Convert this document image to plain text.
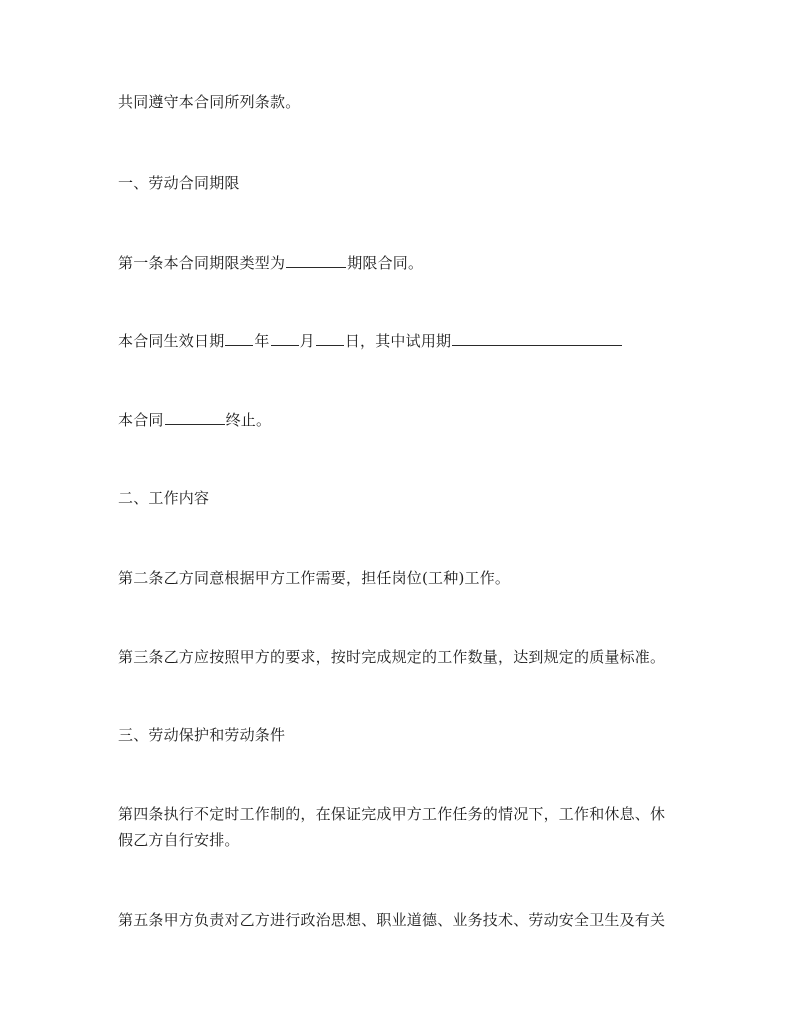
共同遵守本合同所列条款。
一、劳动合同期限
第一条本合同期限类型为	期限合同。
本合同生效日期 年 月 日，其中试用期
本合同	终止。
二、工作内容
第二条乙方同意根据甲方工作需要，担任岗位(工种)工作。
第三条乙方应按照甲方的要求，按时完成规定的工作数量，达到规定的质量标准。
三、劳动保护和劳动条件
第四条执行不定时工作制的，在保证完成甲方工作任务的情况下，工作和休息、休
假乙方自行安排。
第五条甲方负责对乙方进行政治思想、职业道德、业务技术、劳动安全卫生及有关
